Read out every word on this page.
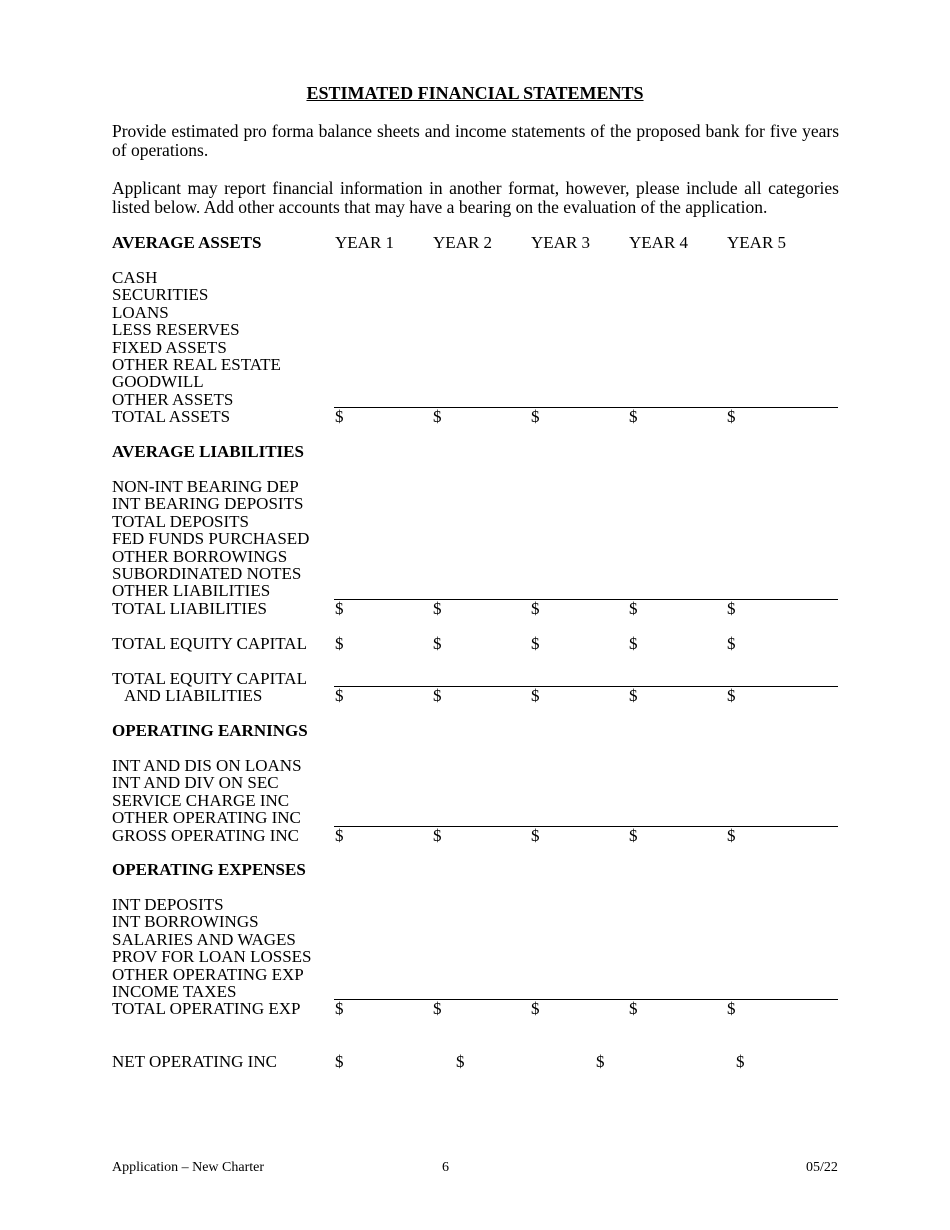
ESTIMATED FINANCIAL STATEMENTS
Provide estimated pro forma balance sheets and income statements of the proposed bank for five years of operations.
Applicant may report financial information in another format, however, please include all categories listed below. Add other accounts that may have a bearing on the evaluation of the application.
AVERAGE ASSETS	YEAR 1 YEAR 2 YEAR 3 YEAR 4 YEAR 5
CASH
SECURITIES
LOANS
LESS RESERVES
FIXED ASSETS
OTHER REAL ESTATE
GOODWILL
OTHER ASSETS
TOTAL ASSETS	$	$	$	$	$
AVERAGE LIABILITIES
NON-INT BEARING DEP
INT BEARING DEPOSITS
TOTAL DEPOSITS
FED FUNDS PURCHASED
OTHER BORROWINGS
SUBORDINATED NOTES
OTHER LIABILITIES
TOTAL LIABILITIES	$	$	$	$	$
TOTAL EQUITY CAPITAL $	$	$	$	$
TOTAL EQUITY CAPITAL
AND LIABILITIES	$	$	$	$	$
OPERATING EARNINGS
INT AND DIS ON LOANS
INT AND DIV ON SEC
SERVICE CHARGE INC
OTHER OPERATING INC
GROSS OPERATING INC $	$	$	$	$
OPERATING EXPENSES
INT DEPOSITS
INT BORROWINGS
SALARIES AND WAGES
PROV FOR LOAN LOSSES
OTHER OPERATING EXP
INCOME TAXES
TOTAL OPERATING EXP $	$	$	$	$
NET OPERATING INC	$	$	$	$
Application – New Charter	6	05/22
